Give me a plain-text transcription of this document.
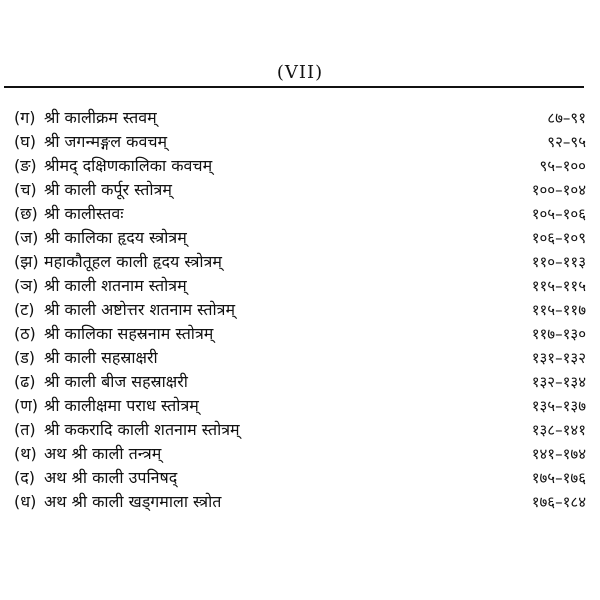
(VII)
(ग) श्री कालीक्रम स्तवम्	८७–९१
(घ) श्री जगन्मङ्गल कवचम्	९२–९५
(ङ) श्रीमद् दक्षिणकालिका कवचम्	९५–१००
(च) श्री काली कर्पूर स्तोत्रम्	१००–१०४
(छ) श्री कालीस्तवः	१०५–१०६
(ज) श्री कालिका हृदय स्त्रोत्रम्	१०६–१०९
(झ) महाकौतूहल काली हृदय स्त्रोत्रम्	११०–११३
(ञ) श्री काली शतनाम स्तोत्रम्	११५–११५
(ट) श्री काली अष्टोत्तर शतनाम स्तोत्रम्	११५–११७
(ठ) श्री कालिका सहस्रनाम स्तोत्रम्	११७–१३०
(ड) श्री काली सहस्राक्षरी	१३१–१३२
(ढ) श्री काली बीज सहस्राक्षरी	१३२–१३४
(ण) श्री कालीक्षमा पराध स्तोत्रम्	१३५–१३७
(त) श्री ककरादि काली शतनाम स्तोत्रम्	१३८–१४१
(थ) अथ श्री काली तन्त्रम्	१४१–१७४
(द) अथ श्री काली उपनिषद्	१७५–१७६
(ध) अथ श्री काली खड्गमाला स्त्रोत	१७६–१८४
